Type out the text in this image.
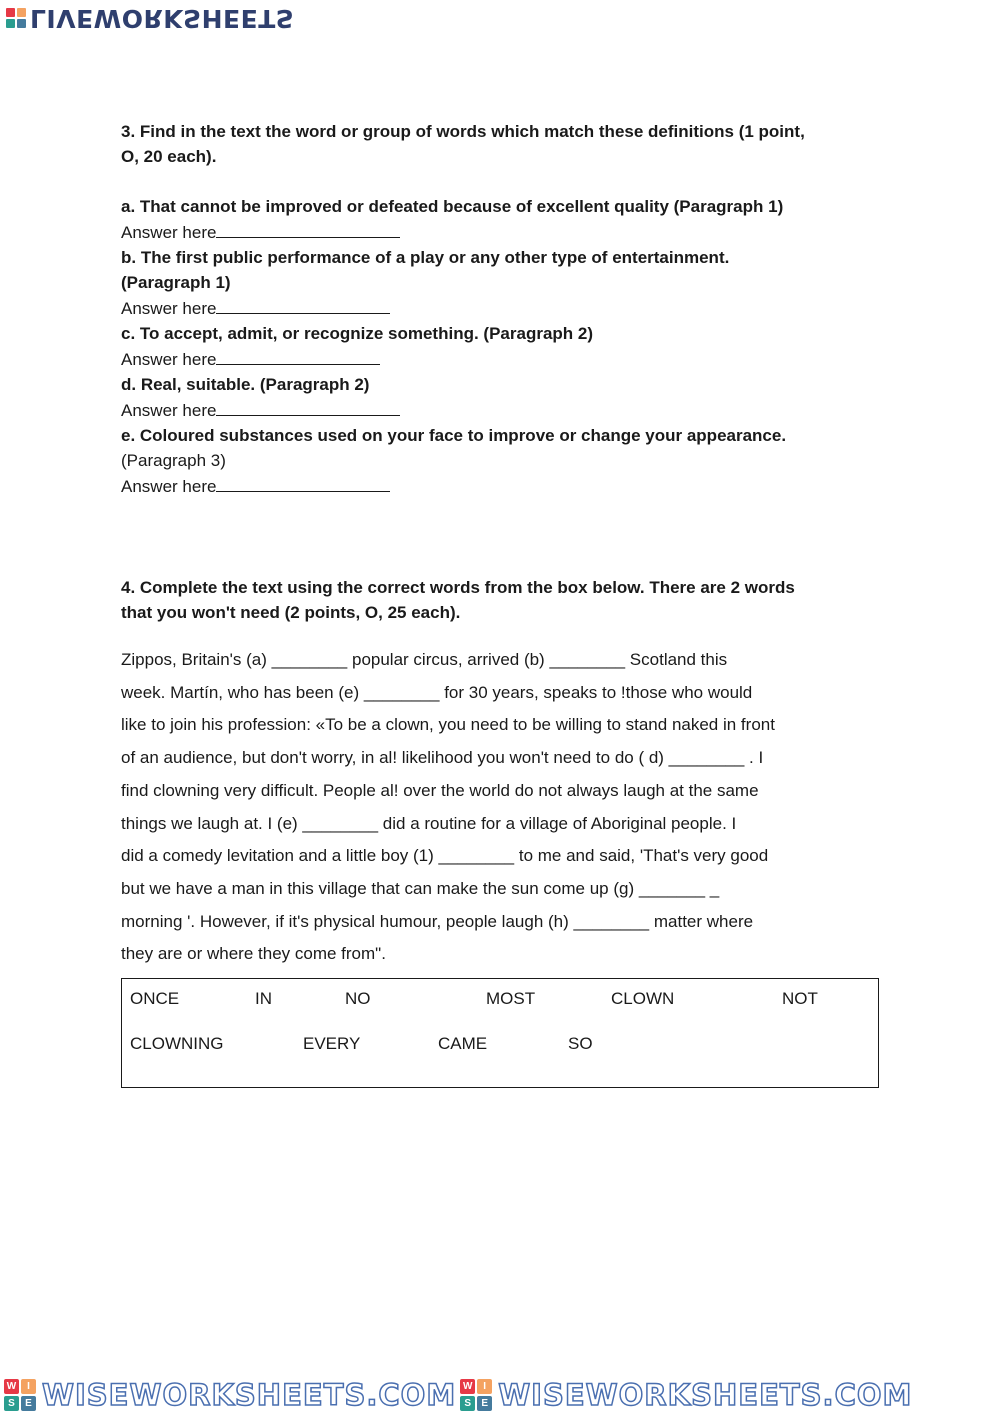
LIVEWORKSHEETS

3. Find in the text the word or group of words which match these definitions (1 point,

O, 20 each).

a. That cannot be improved or defeated because of excellent quality (Paragraph 1)

Answer here

b. The first public performance of a play or any other type of entertainment.

(Paragraph 1)

Answer here

c. To accept, admit, or recognize something. (Paragraph 2)

Answer here

d. Real, suitable. (Paragraph 2)

Answer here

e. Coloured substances used on your face to improve or change your appearance.

(Paragraph 3)

Answer here

4. Complete the text using the correct words from the box below. There are 2 words

that you won't need (2 points, O, 25 each).

Zippos, Britain's (a) ________ popular circus, arrived (b) ________ Scotland this

week. Martín, who has been (e) ________ for 30 years, speaks to !those who would

like to join his profession: «To be a clown, you need to be willing to stand naked in front

of an audience, but don't worry, in al! likelihood you won't need to do ( d) ________ . I

find clowning very difficult. People al! over the world do not always laugh at the same

things we laugh at. I (e) ________ did a routine for a village of Aboriginal people. I

did a comedy levitation and a little boy (1) ________ to me and said, 'That's very good

but we have a man in this village that can make the sun come up (g) _______ _

morning '. However, if it's physical humour, people laugh (h) ________ matter where

they are or where they come from".

ONCE	IN	NO	MOST	CLOWN	NOT
CLOWNING	EVERY	CAME	SO
W	I
S	E WISEWORKSHEETS.COM W	I
S	E WISEWORKSHEETS.COM
